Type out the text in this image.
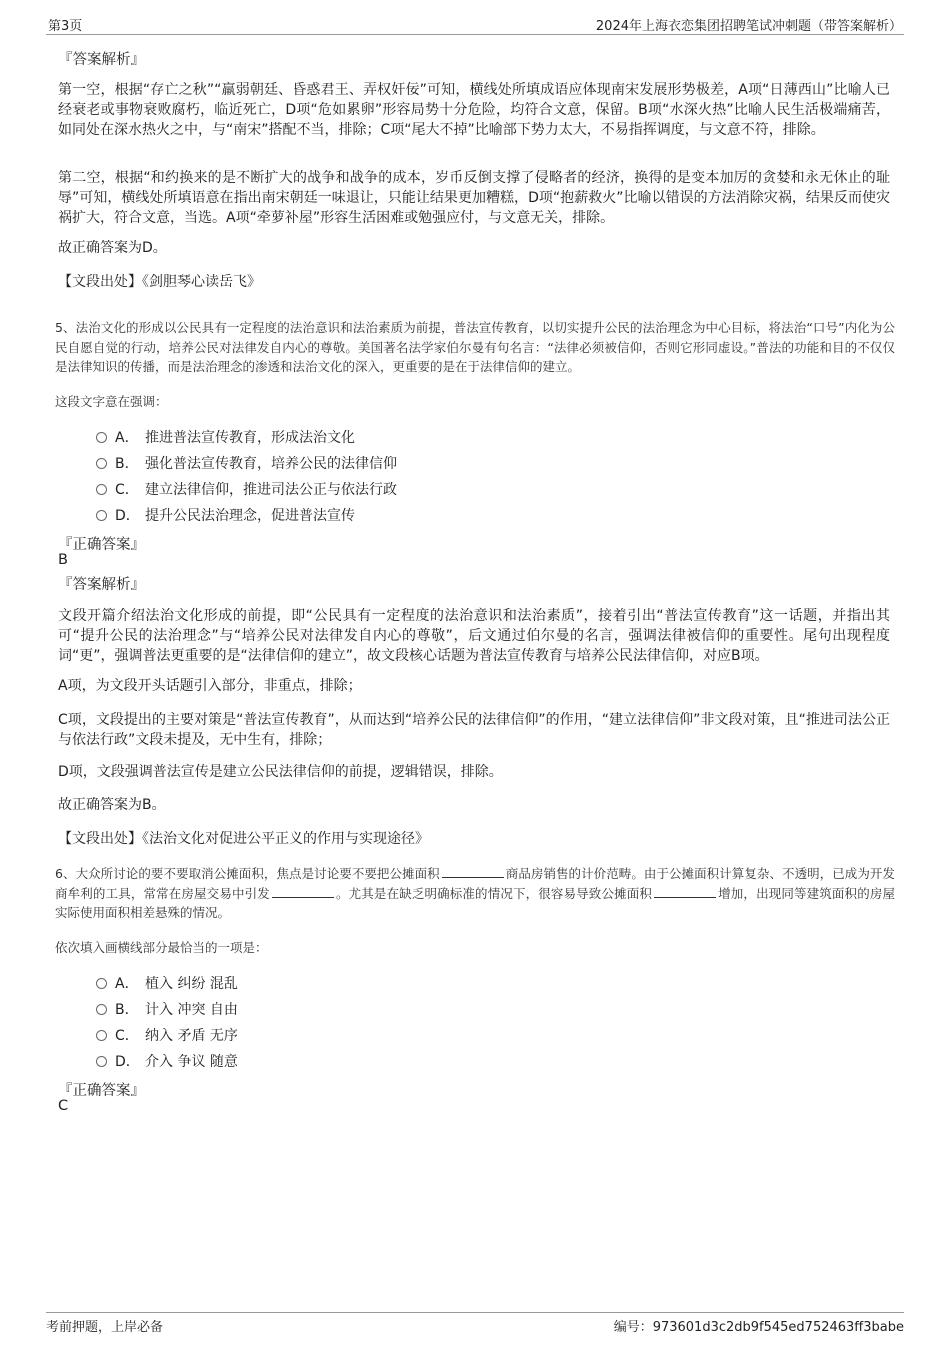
第3页	2024年上海衣恋集团招聘笔试冲刺题（带答案解析）
『答案解析』
第一空，根据“存亡之秋”“羸弱朝廷、昏惑君王、弄权奸佞”可知，横线处所填成语应体现南宋发展形势极差，A项“日薄西山”比喻人已经衰老或事物衰败腐朽，临近死亡，D项“危如累卵”形容局势十分危险，均符合文意，保留。B项“水深火热”比喻人民生活极端痛苦，如同处在深水热火之中，与“南宋”搭配不当，排除；C项“尾大不掉”比喻部下势力太大，不易指挥调度，与文意不符，排除。
第二空，根据“和约换来的是不断扩大的战争和战争的成本，岁币反倒支撑了侵略者的经济，换得的是变本加厉的贪婪和永无休止的耻辱”可知，横线处所填语意在指出南宋朝廷一味退让，只能让结果更加糟糕，D项“抱薪救火”比喻以错误的方法消除灾祸，结果反而使灾祸扩大，符合文意，当选。A项“牵萝补屋”形容生活困难或勉强应付，与文意无关，排除。
故正确答案为D。
【文段出处】《剑胆琴心读岳飞》
5、法治文化的形成以公民具有一定程度的法治意识和法治素质为前提，普法宣传教育，以切实提升公民的法治理念为中心目标，将法治“口号”内化为公民自愿自觉的行动，培养公民对法律发自内心的尊敬。美国著名法学家伯尔曼有句名言：“法律必须被信仰，否则它形同虚设。”普法的功能和目的不仅仅是法律知识的传播，而是法治理念的渗透和法治文化的深入，更重要的是在于法律信仰的建立。
这段文字意在强调：
A． 推进普法宣传教育，形成法治文化
B． 强化普法宣传教育，培养公民的法律信仰
C． 建立法律信仰，推进司法公正与依法行政
D． 提升公民法治理念，促进普法宣传
『正确答案』
B
『答案解析』
文段开篇介绍法治文化形成的前提，即“公民具有一定程度的法治意识和法治素质”，接着引出“普法宣传教育”这一话题，并指出其可“提升公民的法治理念”与“培养公民对法律发自内心的尊敬”，后文通过伯尔曼的名言，强调法律被信仰的重要性。尾句出现程度词“更”，强调普法更重要的是“法律信仰的建立”，故文段核心话题为普法宣传教育与培养公民法律信仰，对应B项。
A项，为文段开头话题引入部分，非重点，排除；
C项，文段提出的主要对策是“普法宣传教育”，从而达到“培养公民的法律信仰”的作用，“建立法律信仰”非文段对策，且“推进司法公正与依法行政”文段未提及，无中生有，排除；
D项，文段强调普法宣传是建立公民法律信仰的前提，逻辑错误，排除。
故正确答案为B。
【文段出处】《法治文化对促进公平正义的作用与实现途径》
6、大众所讨论的要不要取消公摊面积，焦点是讨论要不要把公摊面积	商品房销售的计价范畴。由于公摊面积计算复杂、不透明，已成为开发商牟利的工具，常常在房屋交易中引发	。尤其是在缺乏明确标准的情况下，很容易导致公摊面积	增加，出现同等建筑面积的房屋实际使用面积相差悬殊的情况。
依次填入画横线部分最恰当的一项是：
A． 植入 纠纷 混乱
B． 计入 冲突 自由
C． 纳入 矛盾 无序
D． 介入 争议 随意
『正确答案』
C
考前押题，上岸必备	编号：973601d3c2db9f545ed752463ff3babe
